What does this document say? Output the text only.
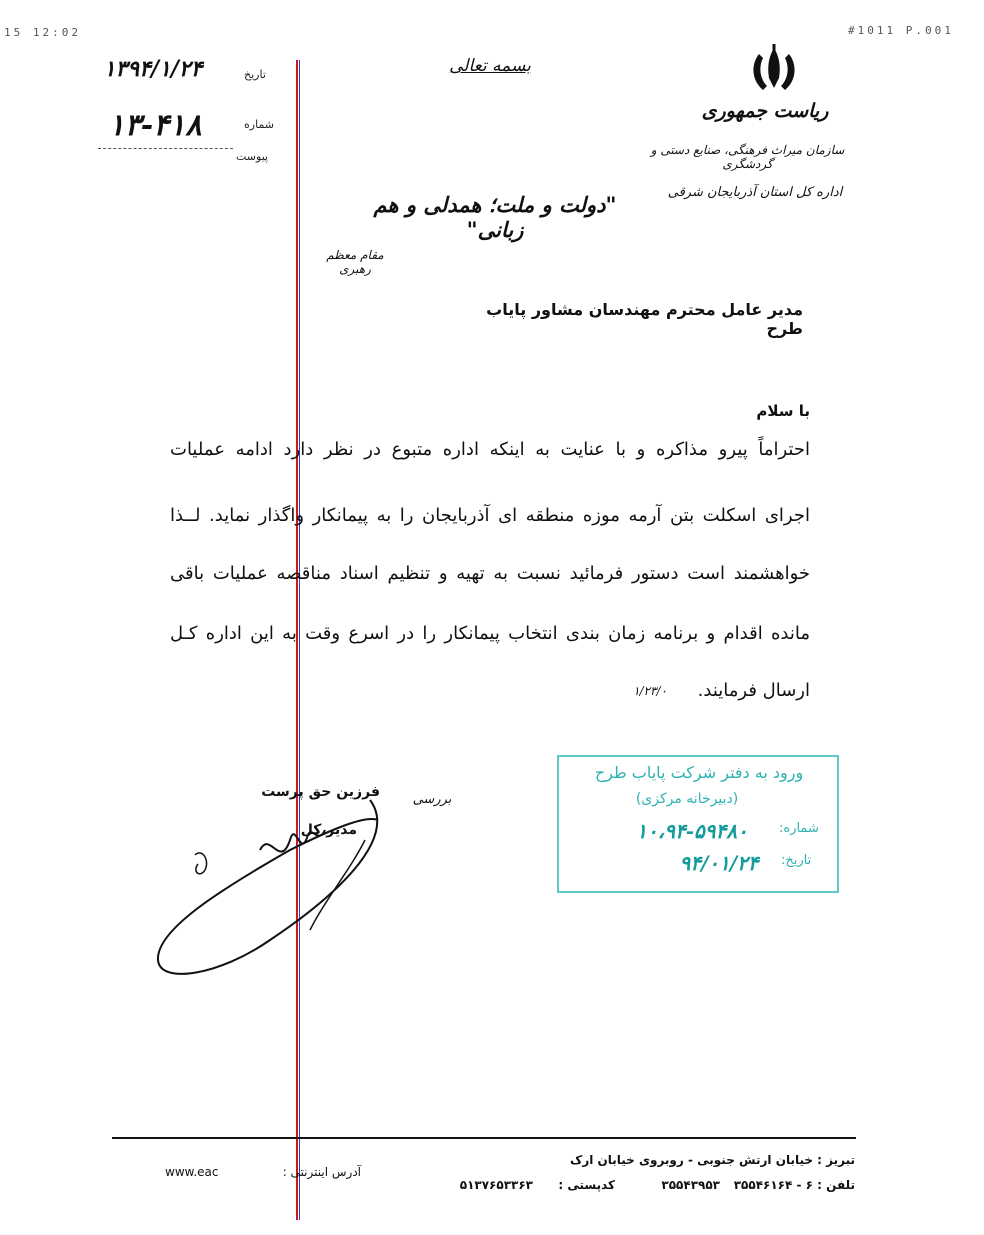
15 12:02	#1011 P.001
بسمه تعالی
ریاست جمهوری
سازمان میراث فرهنگی، صنایع دستی و گردشگری
اداره کل استان آذربایجان شرقی
تاریخ
۱۳۹۴/۱/۲۴
شماره
۱۳-۴۱۸
پیوست
"دولت و ملت؛ همدلی و هم زبانی"
مقام معظم رهبری
مدیر عامل محترم مهندسان مشاور پایاب طرح
با سلام
احتراماً پیرو مذاکره و با عنایت به اینکه اداره متبوع در نظر دارد ادامه عملیات
اجرای اسکلت بتن آرمه موزه منطقه ای آذربایجان را به پیمانکار واگذار نماید. لــذا
خواهشمند است دستور فرمائید نسبت به تهیه و تنظیم اسناد مناقصه عملیات باقی
مانده اقدام و برنامه زمان بندی انتخاب پیمانکار را در اسرع وقت به این اداره کـل
ارسال فرمایند.
۱/۲۳/۰
فرزین حق پرست
مدیر کل
بررسی
ورود به دفتر شرکت پایاب طرح
(دبیرخانه مرکزی)
شماره:
۱۰،۹۴-۵۹۴۸۰
تاریخ:
۹۴/۰۱/۲۴
تبریز : خیابان ارتش جنوبی - روبروی خیابان ارک
تلفن : ۶ - ۳۵۵۴۶۱۶۴
۳۵۵۴۳۹۵۳
کدپستی :
۵۱۳۷۶۵۳۳۶۳
آدرس اینترنتی :
www.eac
